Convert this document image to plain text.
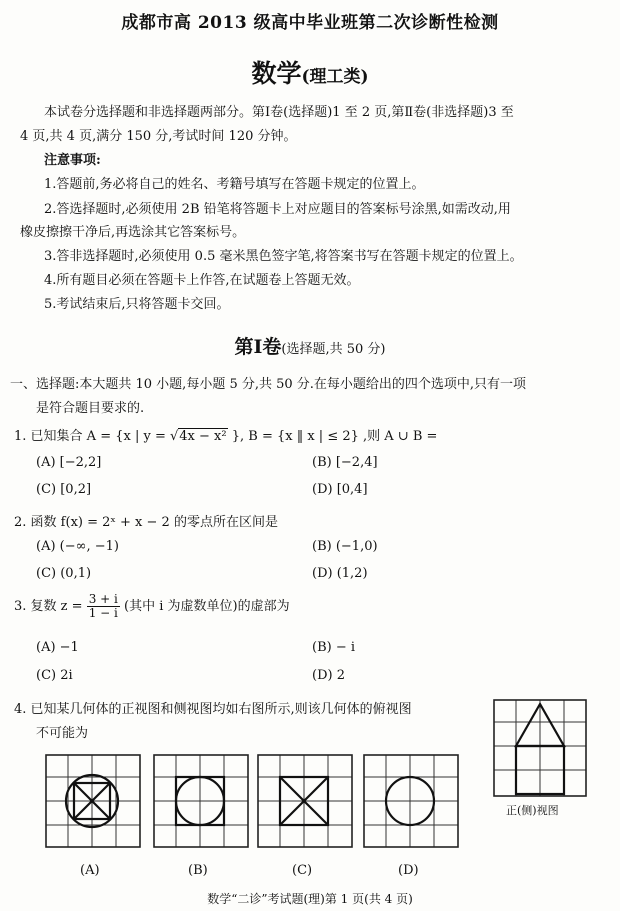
成都市高 2013 级高中毕业班第二次诊断性检测
数学(理工类)
本试卷分选择题和非选择题两部分。第Ⅰ卷(选择题)1 至 2 页,第Ⅱ卷(非选择题)3 至
4 页,共 4 页,满分 150 分,考试时间 120 分钟。
注意事项:
1.答题前,务必将自己的姓名、考籍号填写在答题卡规定的位置上。
2.答选择题时,必须使用 2B 铅笔将答题卡上对应题目的答案标号涂黑,如需改动,用
橡皮擦擦干净后,再选涂其它答案标号。
3.答非选择题时,必须使用 0.5 毫米黑色签字笔,将答案书写在答题卡规定的位置上。
4.所有题目必须在答题卡上作答,在试题卷上答题无效。
5.考试结束后,只将答题卡交回。
第Ⅰ卷(选择题,共 50 分)
一、选择题:本大题共 10 小题,每小题 5 分,共 50 分.在每小题给出的四个选项中,只有一项
是符合题目要求的.
1. 已知集合 A = {x | y = √4x − x² }, B = {x ‖ x | ≤ 2} ,则 A ∪ B =
(A) [−2,2]	(B) [−2,4]
(C) [0,2]	(D) [0,4]
2. 函数 f(x) = 2ˣ + x − 2 的零点所在区间是
(A) (−∞, −1)	(B) (−1,0)
(C) (0,1)	(D) (1,2)
3. 复数 $z = \frac{3 + i}{1 - i}$ (其中 i 为虚数单位)的虚部为
(A) −1	(B) − i
(C) 2i	(D) 2
4. 已知某几何体的正视图和侧视图均如右图所示,则该几何体的俯视图
不可能为
正(侧)视图
(A)	(B)	(C)	(D)
数学“二诊”考试题(理)第 1 页(共 4 页)
